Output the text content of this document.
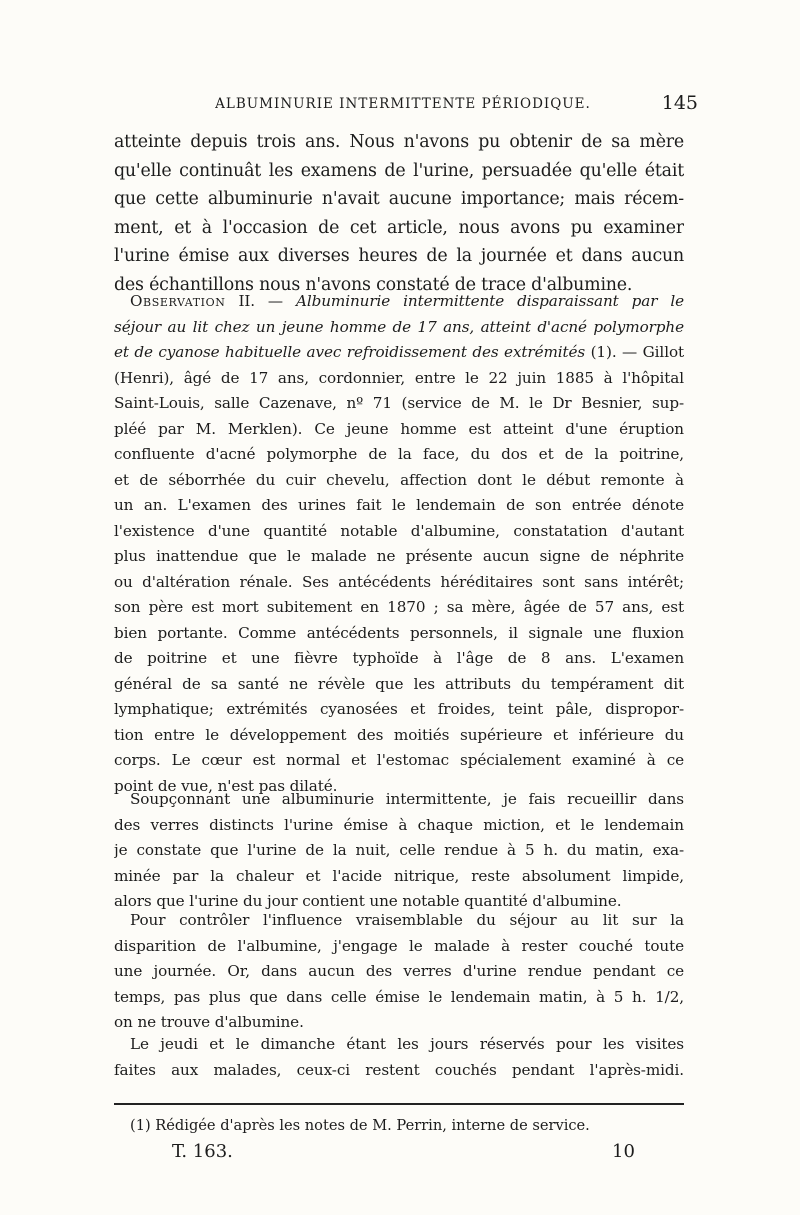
ALBUMINURIE INTERMITTENTE PÉRIODIQUE.	145
atteinte depuis trois ans. Nous n'avons pu obtenir de sa mère
qu'elle continuât les examens de l'urine, persuadée qu'elle était
que cette albuminurie n'avait aucune importance; mais récem-
ment, et à l'occasion de cet article, nous avons pu examiner
l'urine émise aux diverses heures de la journée et dans aucun
des échantillons nous n'avons constaté de trace d'albumine.
Observation II. — Albuminurie intermittente disparaissant par le
séjour au lit chez un jeune homme de 17 ans, atteint d'acné polymorphe
et de cyanose habituelle avec refroidissement des extrémités (1). — Gillot
(Henri), âgé de 17 ans, cordonnier, entre le 22 juin 1885 à l'hôpital
Saint-Louis, salle Cazenave, nº 71 (service de M. le Dr Besnier, sup-
pléé par M. Merklen). Ce jeune homme est atteint d'une éruption
confluente d'acné polymorphe de la face, du dos et de la poitrine,
et de séborrhée du cuir chevelu, affection dont le début remonte à
un an. L'examen des urines fait le lendemain de son entrée dénote
l'existence d'une quantité notable d'albumine, constatation d'autant
plus inattendue que le malade ne présente aucun signe de néphrite
ou d'altération rénale. Ses antécédents héréditaires sont sans intérêt;
son père est mort subitement en 1870 ; sa mère, âgée de 57 ans, est
bien portante. Comme antécédents personnels, il signale une fluxion
de poitrine et une fièvre typhoïde à l'âge de 8 ans. L'examen
général de sa santé ne révèle que les attributs du tempérament dit
lymphatique; extrémités cyanosées et froides, teint pâle, dispropor-
tion entre le développement des moitiés supérieure et inférieure du
corps. Le cœur est normal et l'estomac spécialement examiné à ce
point de vue, n'est pas dilaté.
Soupçonnant une albuminurie intermittente, je fais recueillir dans
des verres distincts l'urine émise à chaque miction, et le lendemain
je constate que l'urine de la nuit, celle rendue à 5 h. du matin, exa-
minée par la chaleur et l'acide nitrique, reste absolument limpide,
alors que l'urine du jour contient une notable quantité d'albumine.
Pour contrôler l'influence vraisemblable du séjour au lit sur la
disparition de l'albumine, j'engage le malade à rester couché toute
une journée. Or, dans aucun des verres d'urine rendue pendant ce
temps, pas plus que dans celle émise le lendemain matin, à 5 h. 1/2,
on ne trouve d'albumine.
Le jeudi et le dimanche étant les jours réservés pour les visites
faites aux malades, ceux-ci restent couchés pendant l'après-midi.
(1) Rédigée d'après les notes de M. Perrin, interne de service.
T. 163.	10
